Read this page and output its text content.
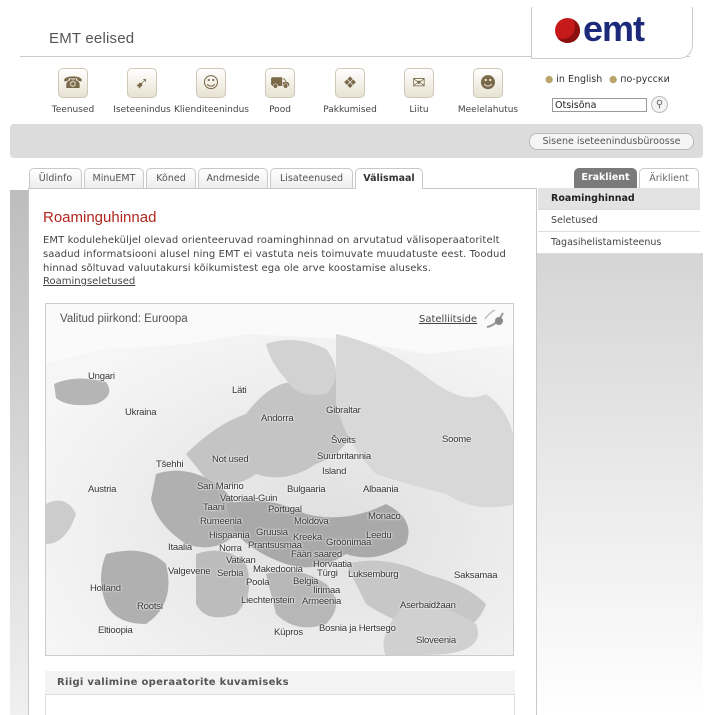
EMT eelised	emt
☎
Teenused
➹
Iseteenindus
☺
Klienditeenindus
⛟
Pood
❖
Pakkumised
✉
Liitu
☻
Meelelahutus
● in English ● по-русски
Otsisõna
⚲
Sisene iseteenindusbüroosse
Üldinfo	MinuEMT	Kõned	Andmeside	Lisateenused	Välismaal	Eraklient	Äriklient
Roaminghinnad
Seletused
Tagasihelistamisteenus
Roaminguhinnad
EMT koduleheküljel olevad orienteeruvad roaminghinnad on arvutatud välisoperaatoritelt saadud informatsiooni alusel ning EMT ei vastuta neis toimuvate muudatuste eest. Toodud hinnad sõltuvad valuutakursi kõikumistest ega ole arve koostamise aluseks.
Roamingseletused
Valitud piirkond: Euroopa	Satelliitside
Ungari
Läti
Ukraina
Andorra
Gibraltar
Šveits	Soome
Suurbritannia
Tšehhi	Not used
Island
Austria	San Marino	Bulgaaria	Albaania
Vatoriaal-Guin
Taani	Portugal
Monaco
Rumeenia	Moldova
Gruusia
Hispaania	Kreeka	Leedu
Itaalia	Norra Prantsusmaa	Gröönimaa
Vatikan
Fääri saared
Horvaatia
Valgevene	Makedoonia Türgi Luksemburg	Saksamaa
Serbia
Poola Belgia
Holland	Iirimaa
Rootsi
Liechtenstein Armeenia	Aserbaidžaan
Eltioopia	Küpros Bosnia ja Hertsego
Sloveenia
Riigi valimine operaatorite kuvamiseks
